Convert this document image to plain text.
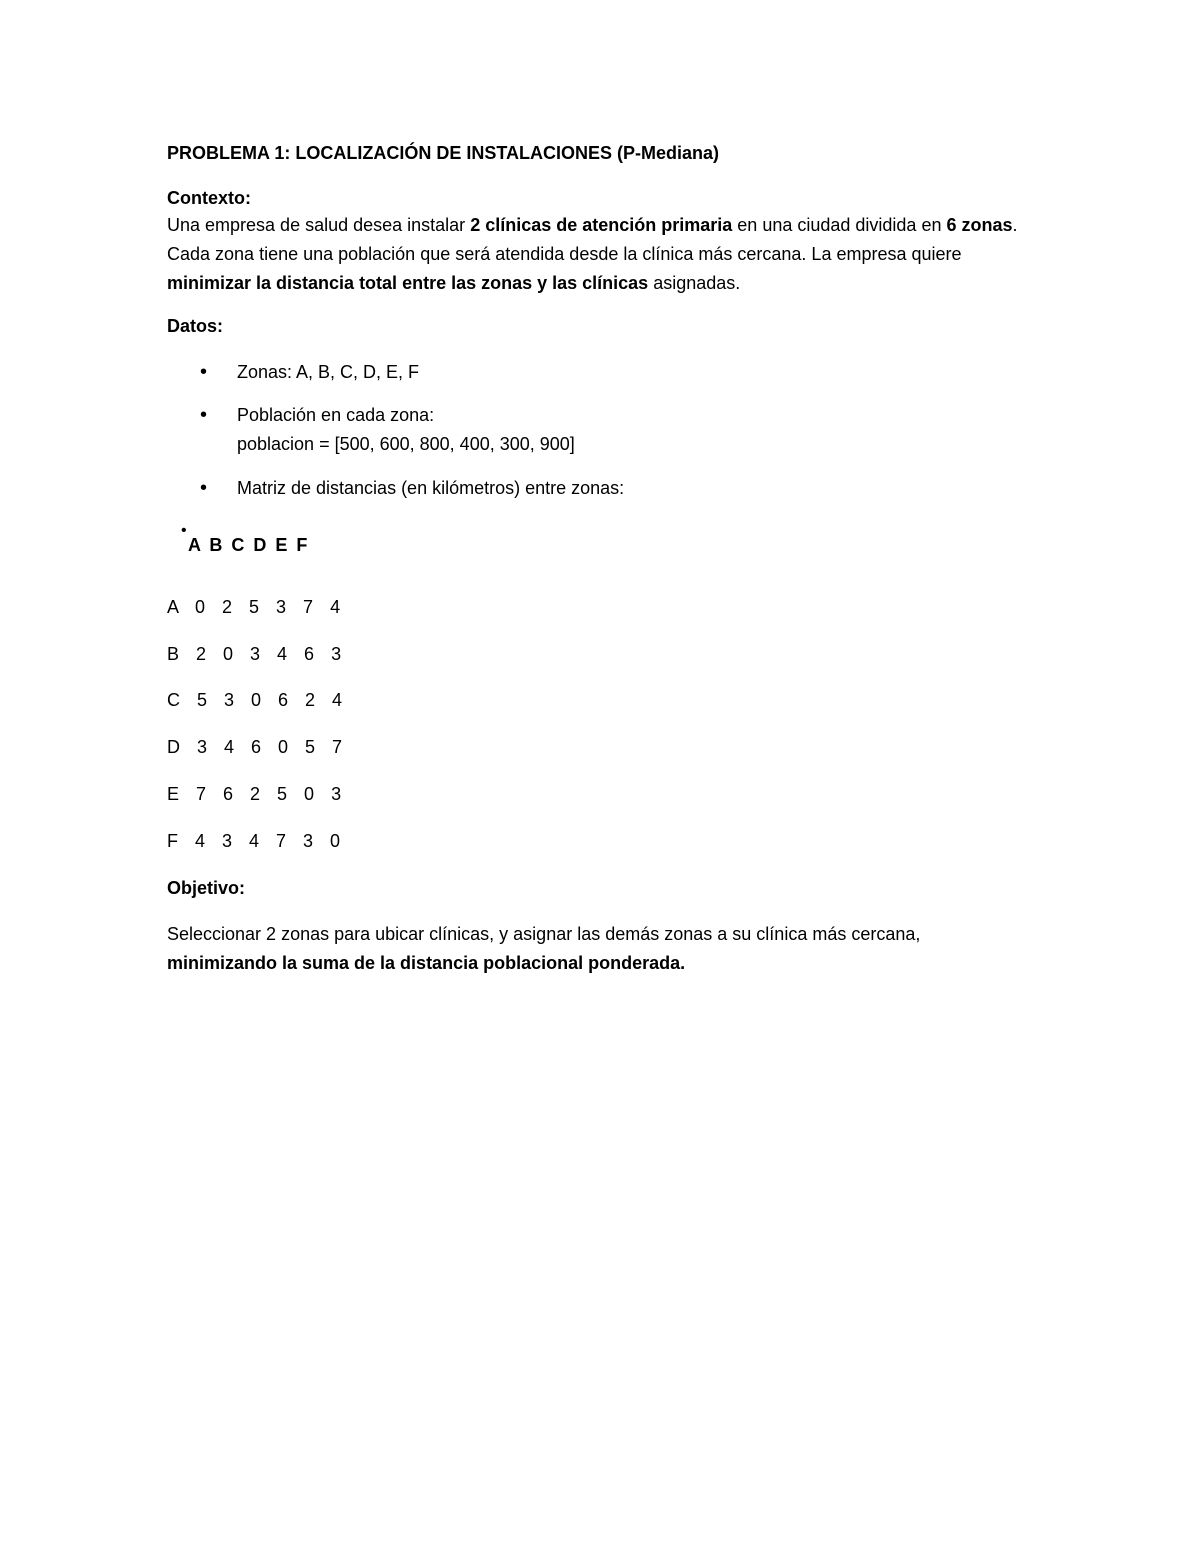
PROBLEMA 1: LOCALIZACIÓN DE INSTALACIONES (P-Mediana)
Contexto:
Una empresa de salud desea instalar 2 clínicas de atención primaria en una ciudad dividida en 6 zonas. Cada zona tiene una población que será atendida desde la clínica más cercana. La empresa quiere minimizar la distancia total entre las zonas y las clínicas asignadas.
Datos:
• Zonas: A, B, C, D, E, F
• Población en cada zona:
poblacion = [500, 600, 800, 400, 300, 900]
• Matriz de distancias (en kilómetros) entre zonas:
•
A B C D E F
A 0 2 5 3 7 4
B 2 0 3 4 6 3
C 5 3 0 6 2 4
D 3 4 6 0 5 7
E 7 6 2 5 0 3
F 4 3 4 7 3 0
Objetivo:
Seleccionar 2 zonas para ubicar clínicas, y asignar las demás zonas a su clínica más cercana,
minimizando la suma de la distancia poblacional ponderada.
